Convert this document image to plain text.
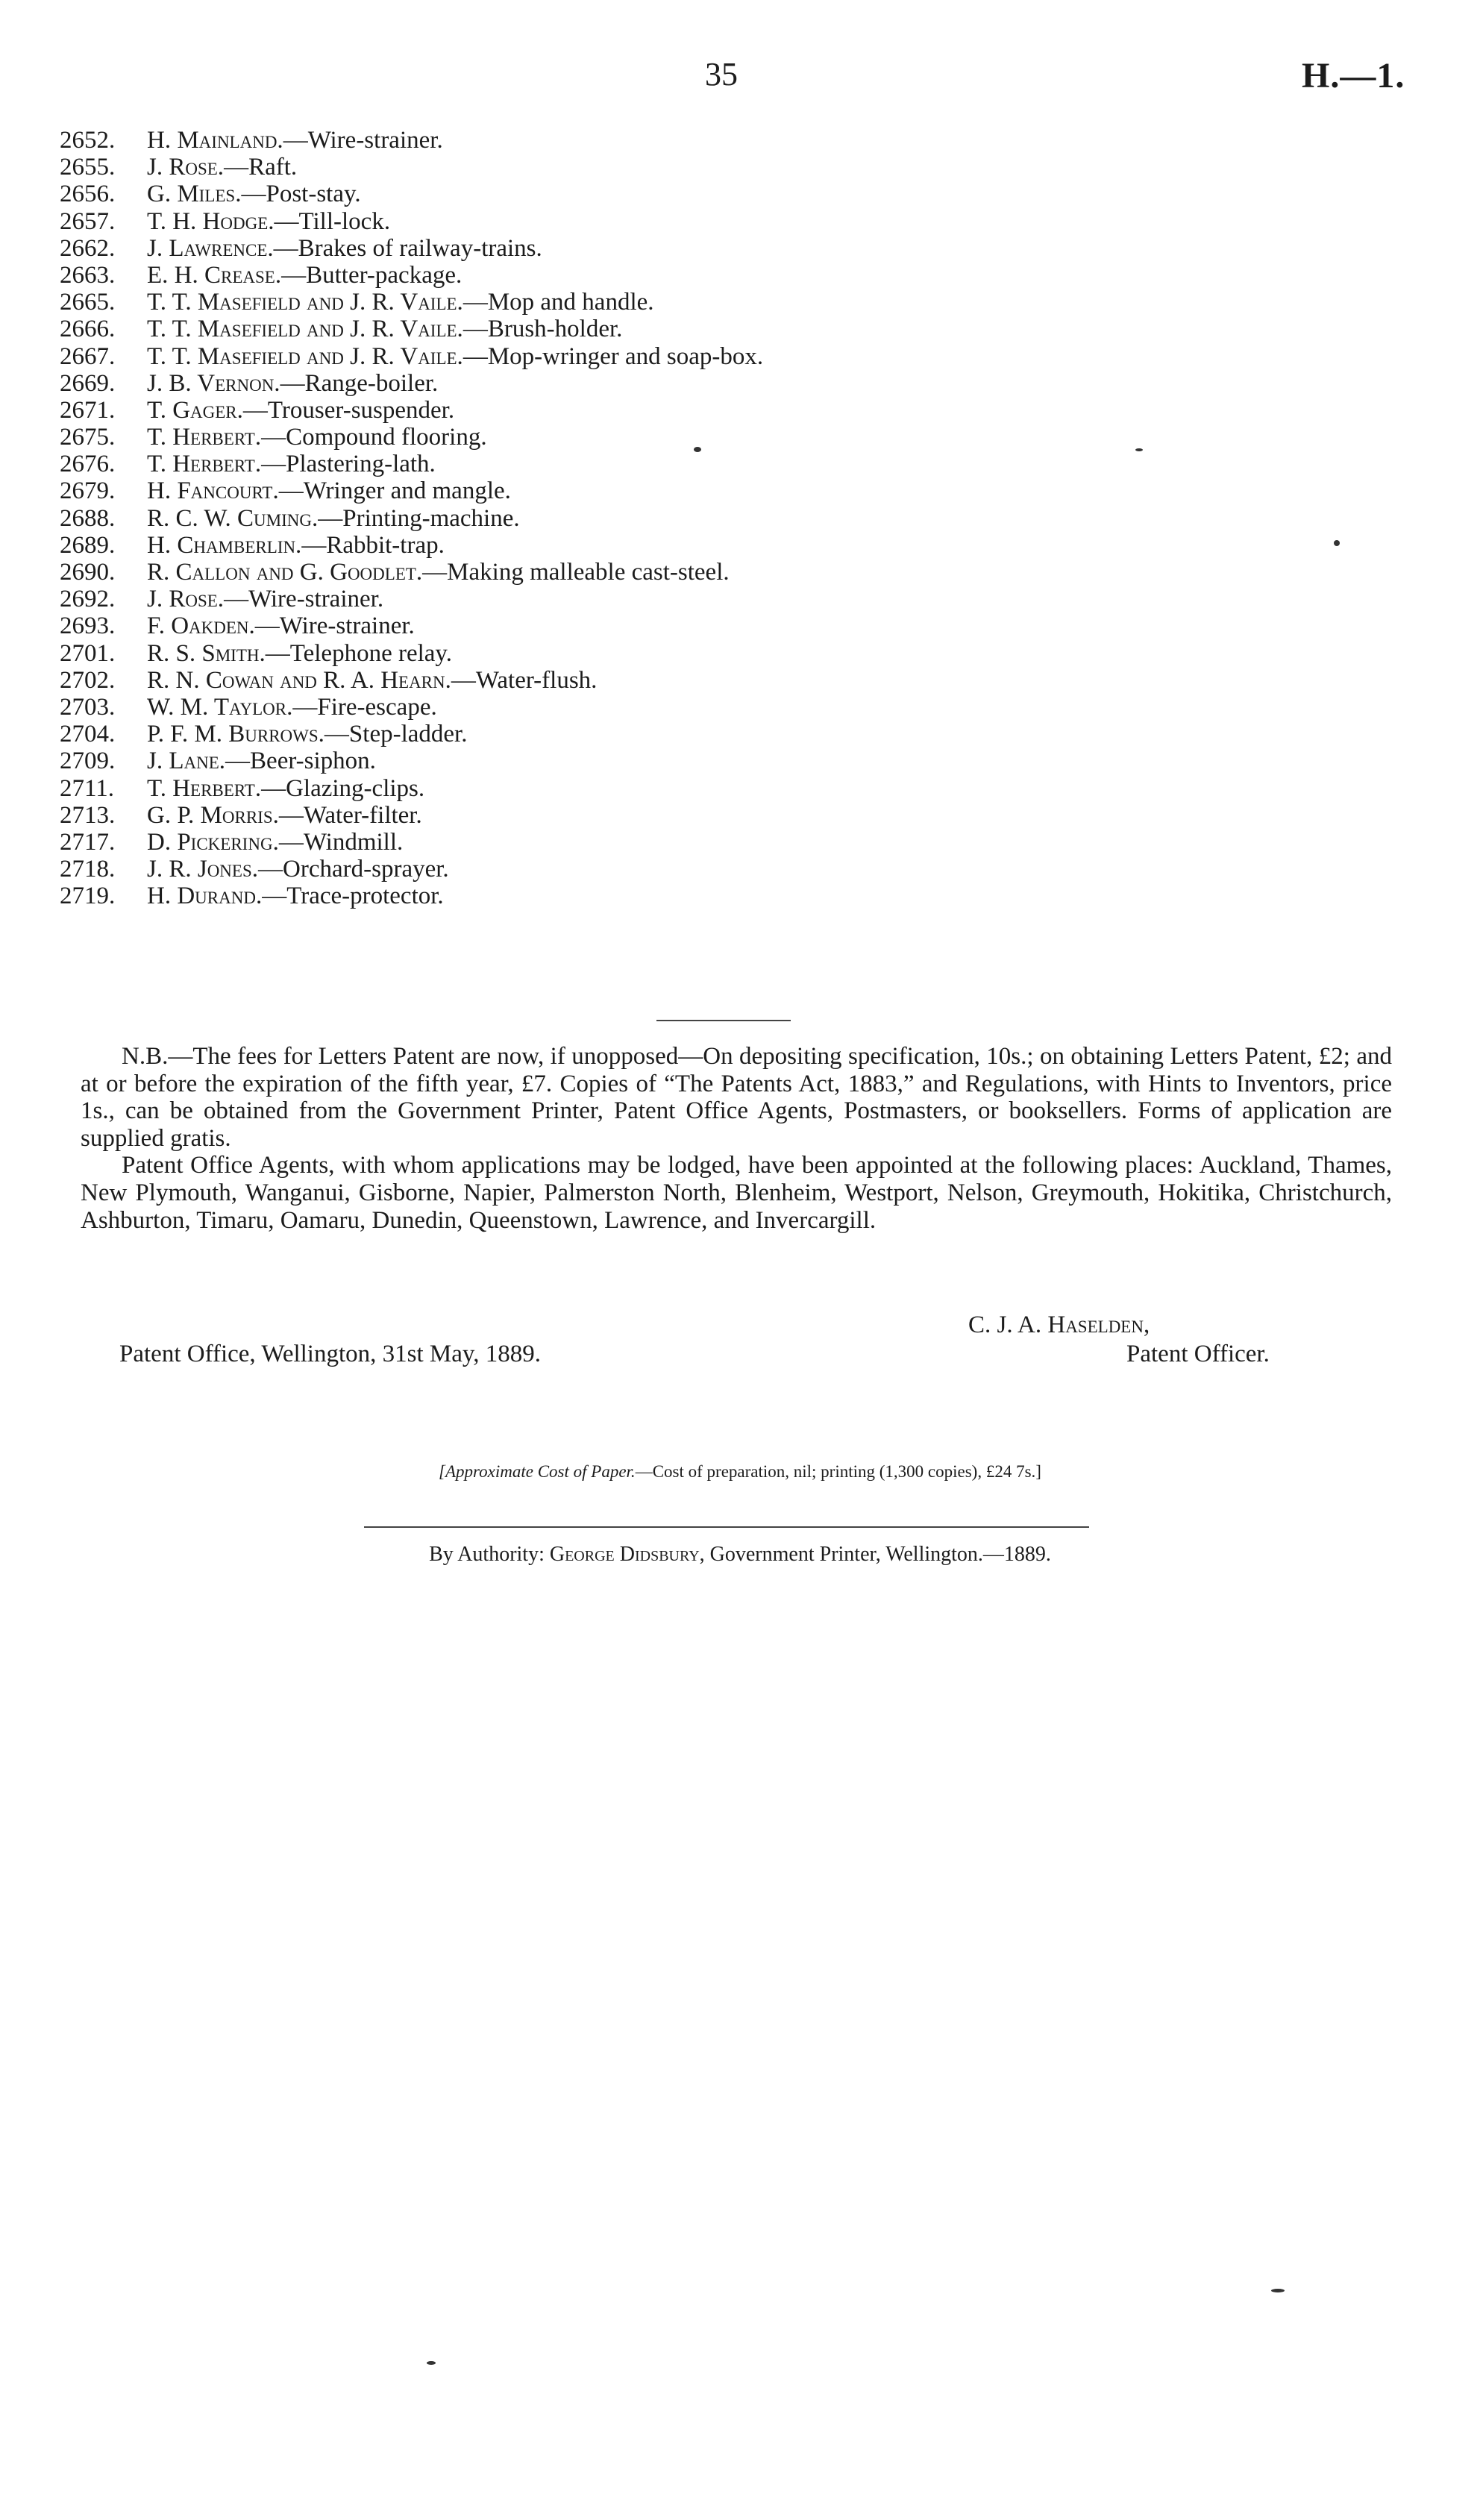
35	H.—1.
2652. H. Mainland.—Wire-strainer.
2655. J. Rose.—Raft.
2656. G. Miles.—Post-stay.
2657. T. H. Hodge.—Till-lock.
2662. J. Lawrence.—Brakes of railway-trains.
2663. E. H. Crease.—Butter-package.
2665. T. T. Masefield and J. R. Vaile.—Mop and handle.
2666. T. T. Masefield and J. R. Vaile.—Brush-holder.
2667. T. T. Masefield and J. R. Vaile.—Mop-wringer and soap-box.
2669. J. B. Vernon.—Range-boiler.
2671. T. Gager.—Trouser-suspender.
2675. T. Herbert.—Compound flooring.
2676. T. Herbert.—Plastering-lath.
2679. H. Fancourt.—Wringer and mangle.
2688. R. C. W. Cuming.—Printing-machine.
2689. H. Chamberlin.—Rabbit-trap.
2690. R. Callon and G. Goodlet.—Making malleable cast-steel.
2692. J. Rose.—Wire-strainer.
2693. F. Oakden.—Wire-strainer.
2701. R. S. Smith.—Telephone relay.
2702. R. N. Cowan and R. A. Hearn.—Water-flush.
2703. W. M. Taylor.—Fire-escape.
2704. P. F. M. Burrows.—Step-ladder.
2709. J. Lane.—Beer-siphon.
2711. T. Herbert.—Glazing-clips.
2713. G. P. Morris.—Water-filter.
2717. D. Pickering.—Windmill.
2718. J. R. Jones.—Orchard-sprayer.
2719. H. Durand.—Trace-protector.

N.B.—The fees for Letters Patent are now, if unopposed—On depositing specification, 10s.; on obtaining Letters Patent, £2; and at or before the expiration of the fifth year, £7. Copies of “The Patents Act, 1883,” and Regulations, with Hints to Inventors, price 1s., can be obtained from the Government Printer, Patent Office Agents, Postmasters, or booksellers. Forms of application are supplied gratis.

Patent Office Agents, with whom applications may be lodged, have been appointed at the following places: Auckland, Thames, New Plymouth, Wanganui, Gisborne, Napier, Palmerston North, Blenheim, Westport, Nelson, Greymouth, Hokitika, Christchurch, Ashburton, Timaru, Oamaru, Dunedin, Queenstown, Lawrence, and Invercargill.

C. J. A. Haselden,
Patent Office, Wellington, 31st May, 1889.	Patent Officer.
[Approximate Cost of Paper.—Cost of preparation, nil; printing (1,300 copies), £24 7s.]
By Authority: George Didsbury, Government Printer, Wellington.—1889.
